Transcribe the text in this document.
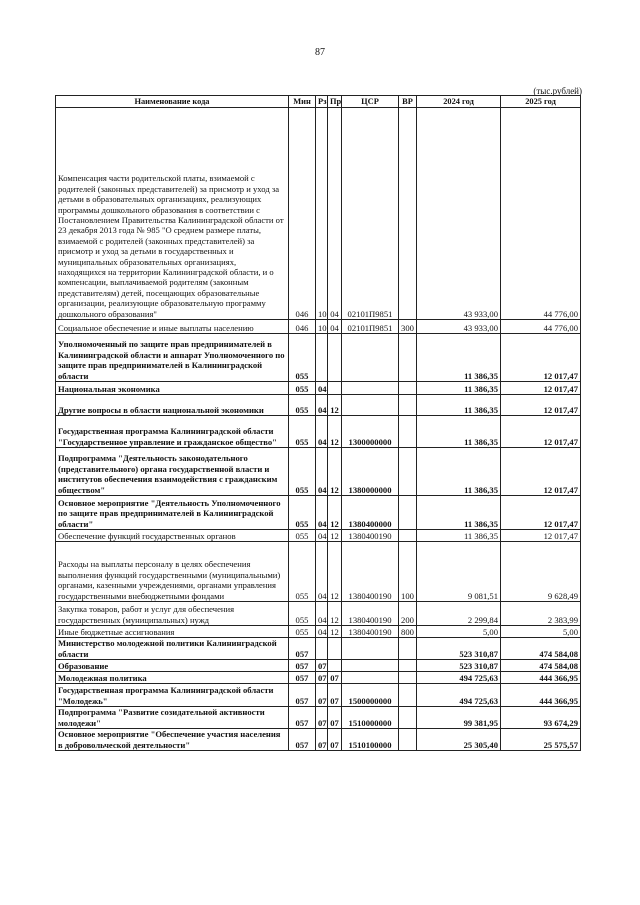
87
(тыс.рублей)
Наименование кода	Мин	Рз	Пр	ЦСР	ВР	2024 год	2025 год
Компенсация части родительской платы, взимаемой с родителей (законных представителей) за присмотр и уход за детьми в образовательных организациях, реализующих программы дошкольного образования в соответствии с Постановлением Правительства Калининградской области от 23 декабря 2013 года № 985 "О среднем размере платы, взимаемой с родителей (законных представителей) за присмотр и уход за детьми в государственных и муниципальных образовательных организациях, находящихся на территории Калининградской области, и о компенсации, выплачиваемой родителям (законным представителям) детей, посещающих образовательные организации, реализующие образовательную программу дошкольного образования"	046	10	04	02101П9851		43 933,00	44 776,00
Социальное обеспечение и иные выплаты населению	046	10	04	02101П9851	300	43 933,00	44 776,00
Уполномоченный по защите прав предпринимателей в Калининградской области и аппарат Уполномоченного по защите прав предпринимателей в Калининградской области	055					11 386,35	12 017,47
Национальная экономика	055	04				11 386,35	12 017,47
Другие вопросы в области национальной экономики	055	04	12			11 386,35	12 017,47
Государственная программа Калининградской области "Государственное управление и гражданское общество"	055	04	12	1300000000		11 386,35	12 017,47
Подпрограмма "Деятельность законодательного (представительного) органа государственной власти и институтов обеспечения взаимодействия с гражданским обществом"	055	04	12	1380000000		11 386,35	12 017,47
Основное мероприятие "Деятельность Уполномоченного по защите прав предпринимателей в Калининградской области"	055	04	12	1380400000		11 386,35	12 017,47
Обеспечение функций государственных органов	055	04	12	1380400190		11 386,35	12 017,47
Расходы на выплаты персоналу в целях обеспечения выполнения функций государственными (муниципальными) органами, казенными учреждениями, органами управления государственными внебюджетными фондами	055	04	12	1380400190	100	9 081,51	9 628,49
Закупка товаров, работ и услуг для обеспечения государственных (муниципальных) нужд	055	04	12	1380400190	200	2 299,84	2 383,99
Иные бюджетные ассигнования	055	04	12	1380400190	800	5,00	5,00
Министерство молодежной политики Калининградской области	057					523 310,87	474 584,08
Образование	057	07				523 310,87	474 584,08
Молодежная политика	057	07	07			494 725,63	444 366,95
Государственная программа Калининградской области "Молодежь"	057	07	07	1500000000		494 725,63	444 366,95
Подпрограмма "Развитие созидательной активности молодежи"	057	07	07	1510000000		99 381,95	93 674,29
Основное мероприятие "Обеспечение участия населения в добровольческой деятельности"	057	07	07	1510100000		25 305,40	25 575,57
